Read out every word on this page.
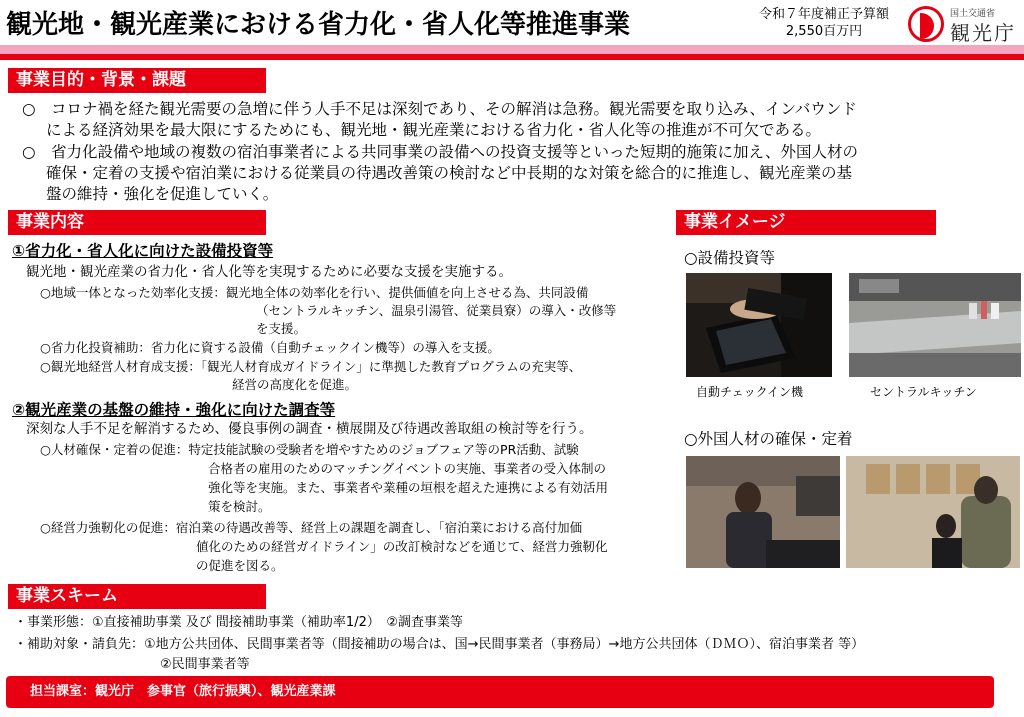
観光地・観光産業における省力化・省人化等推進事業	令和７年度補正予算額
2,550百万円
国土交通省
観光庁
事業目的・背景・課題
○　コロナ禍を経た観光需要の急増に伴う人手不足は深刻であり、その解消は急務。観光需要を取り込み、インバウンド
による経済効果を最大限にするためにも、観光地・観光産業における省力化・省人化等の推進が不可欠である。
○　省力化設備や地域の複数の宿泊事業者による共同事業の設備への投資支援等といった短期的施策に加え、外国人材の
確保・定着の支援や宿泊業における従業員の待遇改善策の検討など中長期的な対策を総合的に推進し、観光産業の基
盤の維持・強化を促進していく。
事業内容
①省力化・省人化に向けた設備投資等
観光地・観光産業の省力化・省人化等を実現するために必要な支援を実施する。
○地域一体となった効率化支援：観光地全体の効率化を行い、提供価値を向上させる為、共同設備
（セントラルキッチン、温泉引湯管、従業員寮）の導入・改修等
を支援。
○省力化投資補助：省力化に資する設備（自動チェックイン機等）の導入を支援。
○観光地経営人材育成支援：「観光人材育成ガイドライン」に準拠した教育プログラムの充実等、
経営の高度化を促進。
②観光産業の基盤の維持・強化に向けた調査等
深刻な人手不足を解消するため、優良事例の調査・横展開及び待遇改善取組の検討等を行う。
○人材確保・定着の促進：特定技能試験の受験者を増やすためのジョブフェア等のPR活動、試験
合格者の雇用のためのマッチングイベントの実施、事業者の受入体制の
強化等を実施。また、事業者や業種の垣根を超えた連携による有効活用
策を検討。
○経営力強靭化の促進：宿泊業の待遇改善等、経営上の課題を調査し、「宿泊業における高付加価
値化のための経営ガイドライン」の改訂検討などを通じて、経営力強靭化
の促進を図る。
事業イメージ
○設備投資等
自動チェックイン機	セントラルキッチン
○外国人材の確保・定着
事業スキーム
・事業形態：①直接補助事業 及び 間接補助事業（補助率1/2）　②調査事業等
・補助対象・請負先：①地方公共団体、民間事業者等（間接補助の場合は、国→民間事業者（事務局）→地方公共団体（ＤＭＯ）、宿泊事業者 等）
②民間事業者等
担当課室：観光庁　参事官（旅行振興）、観光産業課
